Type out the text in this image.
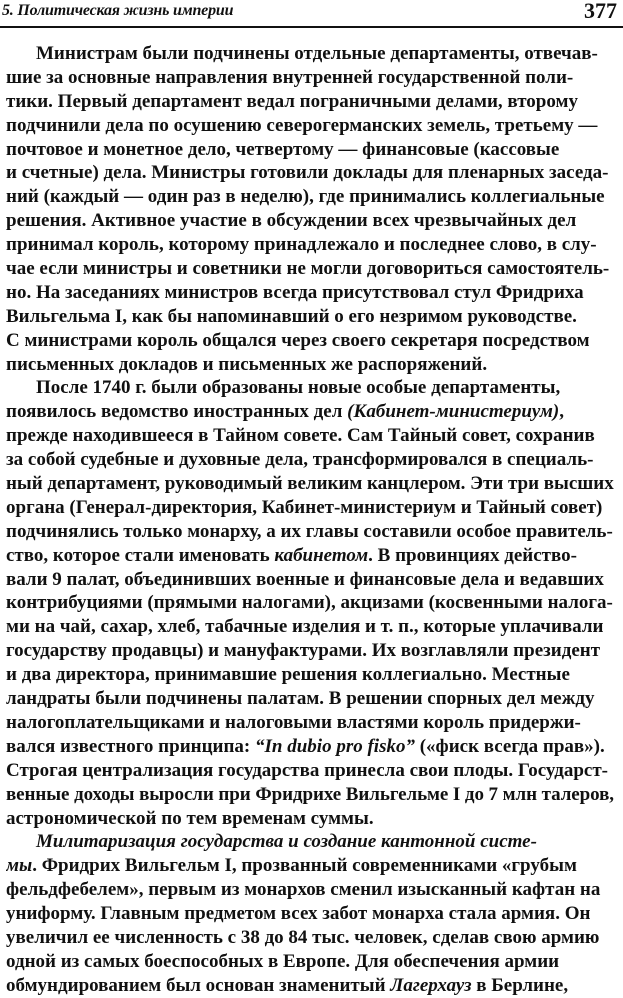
5. Политическая жизнь империи	377
Министрам были подчинены отдельные департаменты, отвечав-
шие за основные направления внутренней государственной поли-
тики. Первый департамент ведал пограничными делами, второму
подчинили дела по осушению северогерманских земель, третьему —
почтовое и монетное дело, четвертому — финансовые (кассовые
и счетные) дела. Министры готовили доклады для пленарных заседа-
ний (каждый — один раз в неделю), где принимались коллегиальные
решения. Активное участие в обсуждении всех чрезвычайных дел
принимал король, которому принадлежало и последнее слово, в слу-
чае если министры и советники не могли договориться самостоятель-
но. На заседаниях министров всегда присутствовал стул Фридриха
Вильгельма I, как бы напоминавший о его незримом руководстве.
С министрами король общался через своего секретаря посредством
письменных докладов и письменных же распоряжений.
После 1740 г. были образованы новые особые департаменты,
появилось ведомство иностранных дел (Кабинет-министериум),
прежде находившееся в Тайном совете. Сам Тайный совет, сохранив
за собой судебные и духовные дела, трансформировался в специаль-
ный департамент, руководимый великим канцлером. Эти три высших
органа (Генерал-директория, Кабинет-министериум и Тайный совет)
подчинялись только монарху, а их главы составили особое правитель-
ство, которое стали именовать кабинетом. В провинциях действо-
вали 9 палат, объединивших военные и финансовые дела и ведавших
контрибуциями (прямыми налогами), акцизами (косвенными налога-
ми на чай, сахар, хлеб, табачные изделия и т. п., которые уплачивали
государству продавцы) и мануфактурами. Их возглавляли президент
и два директора, принимавшие решения коллегиально. Местные
ландраты были подчинены палатам. В решении спорных дел между
налогоплательщиками и налоговыми властями король придержи-
вался известного принципа: “In dubio pro fisko” («фиск всегда прав»).
Строгая централизация государства принесла свои плоды. Государст-
венные доходы выросли при Фридрихе Вильгельме I до 7 млн талеров,
астрономической по тем временам суммы.
Милитаризация государства и создание кантонной систе-
мы. Фридрих Вильгельм I, прозванный современниками «грубым
фельдфебелем», первым из монархов сменил изысканный кафтан на
униформу. Главным предметом всех забот монарха стала армия. Он
увеличил ее численность с 38 до 84 тыс. человек, сделав свою армию
одной из самых боеспособных в Европе. Для обеспечения армии
обмундированием был основан знаменитый Лагерхауз в Берлине,
